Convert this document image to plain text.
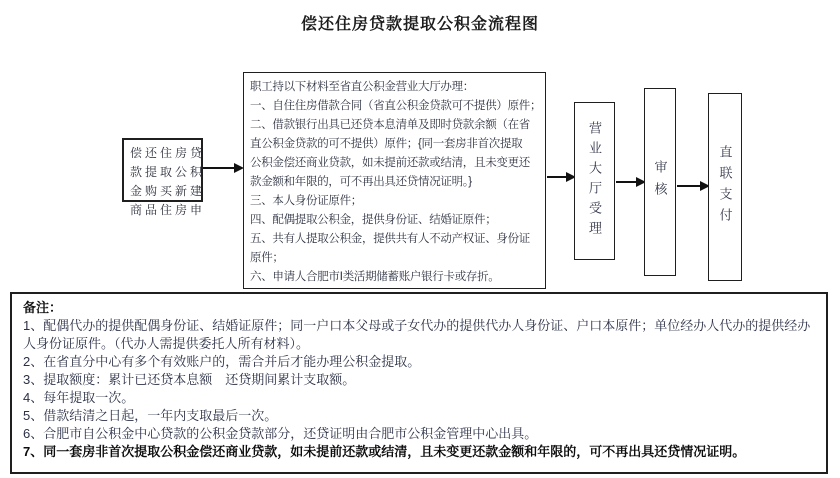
偿还住房贷款提取公积金流程图
偿还住房贷
款提取公积
金购买新建
商品住房申
职工持以下材料至省直公积金营业大厅办理：
一、自住住房借款合同（省直公积金贷款可不提供）原件；
二、借款银行出具已还贷本息清单及即时贷款余额（在省
直公积金贷款的可不提供）原件；{同一套房非首次提取
公积金偿还商业贷款，如未提前还款或结清，且未变更还
款金额和年限的，可不再出具还贷情况证明。}
三、本人身份证原件；
四、配偶提取公积金，提供身份证、结婚证原件；
五、共有人提取公积金，提供共有人不动产权证、身份证
原件；
六、申请人合肥市Ⅰ类活期储蓄账户银行卡或存折。
营业大厅受理	审核	直联支付
备注：
1、配偶代办的提供配偶身份证、结婚证原件；同一户口本父母或子女代办的提供代办人身份证、户口本原件；单位经办人代办的提供经办人身份证原件。（代办人需提供委托人所有材料）。
2、在省直分中心有多个有效账户的，需合并后才能办理公积金提取。
3、提取额度：累计已还贷本息额　还贷期间累计支取额。
4、每年提取一次。
5、借款结清之日起，一年内支取最后一次。
6、合肥市自公积金中心贷款的公积金贷款部分，还贷证明由合肥市公积金管理中心出具。
7、同一套房非首次提取公积金偿还商业贷款，如未提前还款或结清，且未变更还款金额和年限的，可不再出具还贷情况证明。
